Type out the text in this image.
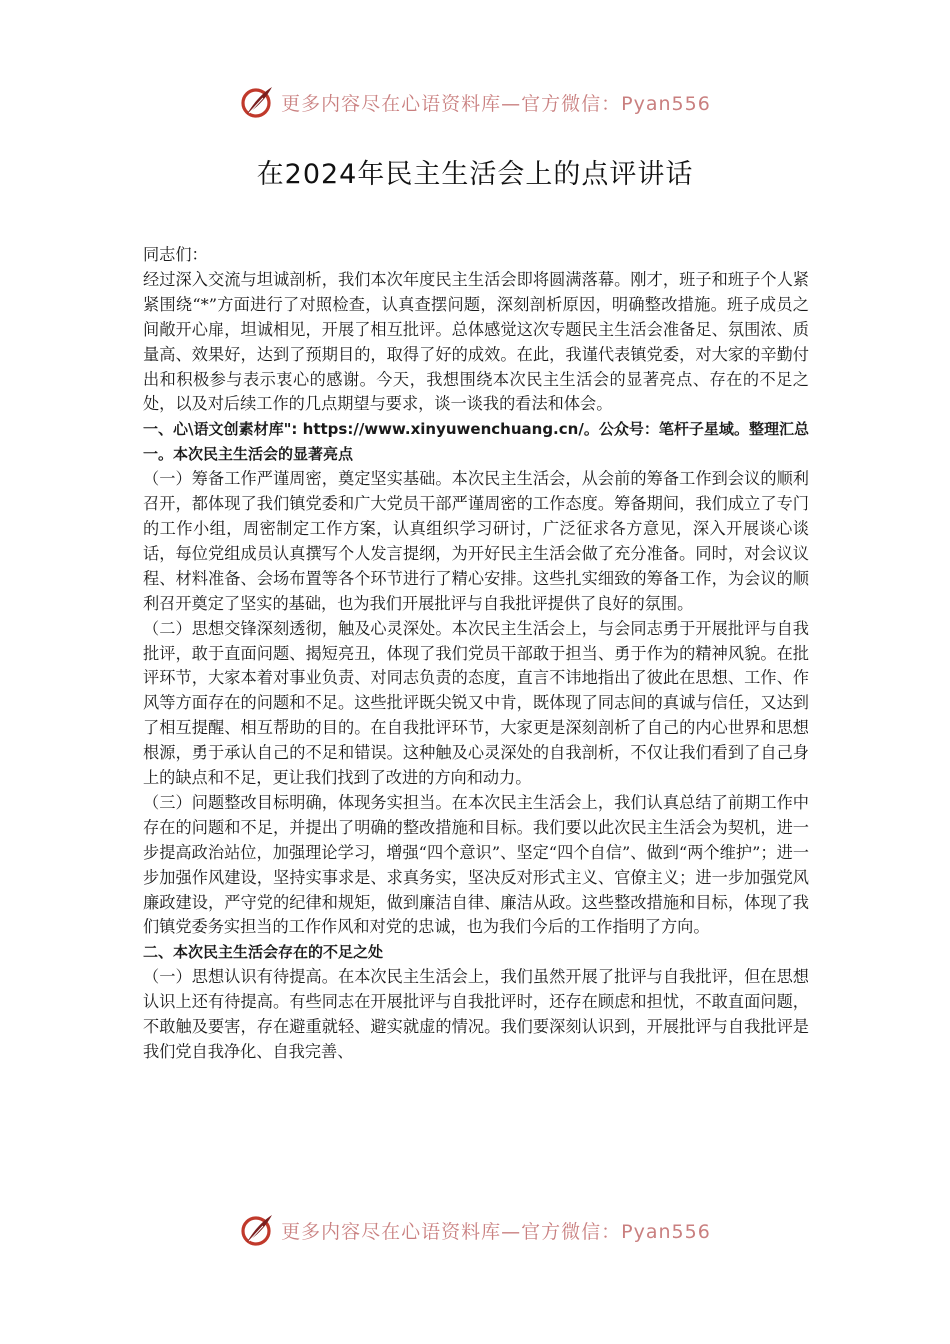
更多内容尽在心语资料库—官方微信：Pyan556
在2024年民主生活会上的点评讲话

同志们：

经过深入交流与坦诚剖析，我们本次年度民主生活会即将圆满落幕。刚才，班子和班子个人紧紧围绕“*”方面进行了对照检查，认真查摆问题，深刻剖析原因，明确整改措施。班子成员之间敞开心扉，坦诚相见，开展了相互批评。总体感觉这次专题民主生活会准备足、氛围浓、质量高、效果好，达到了预期目的，取得了好的成效。在此，我谨代表镇党委，对大家的辛勤付出和积极参与表示衷心的感谢。今天，我想围绕本次民主生活会的显著亮点、存在的不足之处，以及对后续工作的几点期望与要求，谈一谈我的看法和体会。

一、心\语文创素材库": https://www.xinyuwenchuang.cn/。公众号：笔杆子星域。整理汇总一。本次民主生活会的显著亮点

（一）筹备工作严谨周密，奠定坚实基础。本次民主生活会，从会前的筹备工作到会议的顺利召开，都体现了我们镇党委和广大党员干部严谨周密的工作态度。筹备期间，我们成立了专门的工作小组，周密制定工作方案，认真组织学习研讨，广泛征求各方意见，深入开展谈心谈话，每位党组成员认真撰写个人发言提纲，为开好民主生活会做了充分准备。同时，对会议议程、材料准备、会场布置等各个环节进行了精心安排。这些扎实细致的筹备工作，为会议的顺利召开奠定了坚实的基础，也为我们开展批评与自我批评提供了良好的氛围。

（二）思想交锋深刻透彻，触及心灵深处。本次民主生活会上，与会同志勇于开展批评与自我批评，敢于直面问题、揭短亮丑，体现了我们党员干部敢于担当、勇于作为的精神风貌。在批评环节，大家本着对事业负责、对同志负责的态度，直言不讳地指出了彼此在思想、工作、作风等方面存在的问题和不足。这些批评既尖锐又中肯，既体现了同志间的真诚与信任，又达到了相互提醒、相互帮助的目的。在自我批评环节，大家更是深刻剖析了自己的内心世界和思想根源，勇于承认自己的不足和错误。这种触及心灵深处的自我剖析，不仅让我们看到了自己身上的缺点和不足，更让我们找到了改进的方向和动力。

（三）问题整改目标明确，体现务实担当。在本次民主生活会上，我们认真总结了前期工作中存在的问题和不足，并提出了明确的整改措施和目标。我们要以此次民主生活会为契机，进一步提高政治站位，加强理论学习，增强“四个意识”、坚定“四个自信”、做到“两个维护”；进一步加强作风建设，坚持实事求是、求真务实，坚决反对形式主义、官僚主义；进一步加强党风廉政建设，严守党的纪律和规矩，做到廉洁自律、廉洁从政。这些整改措施和目标，体现了我们镇党委务实担当的工作作风和对党的忠诚，也为我们今后的工作指明了方向。

二、本次民主生活会存在的不足之处

（一）思想认识有待提高。在本次民主生活会上，我们虽然开展了批评与自我批评，但在思想认识上还有待提高。有些同志在开展批评与自我批评时，还存在顾虑和担忧，不敢直面问题，不敢触及要害，存在避重就轻、避实就虚的情况。我们要深刻认识到，开展批评与自我批评是我们党自我净化、自我完善、

更多内容尽在心语资料库—官方微信：Pyan556
